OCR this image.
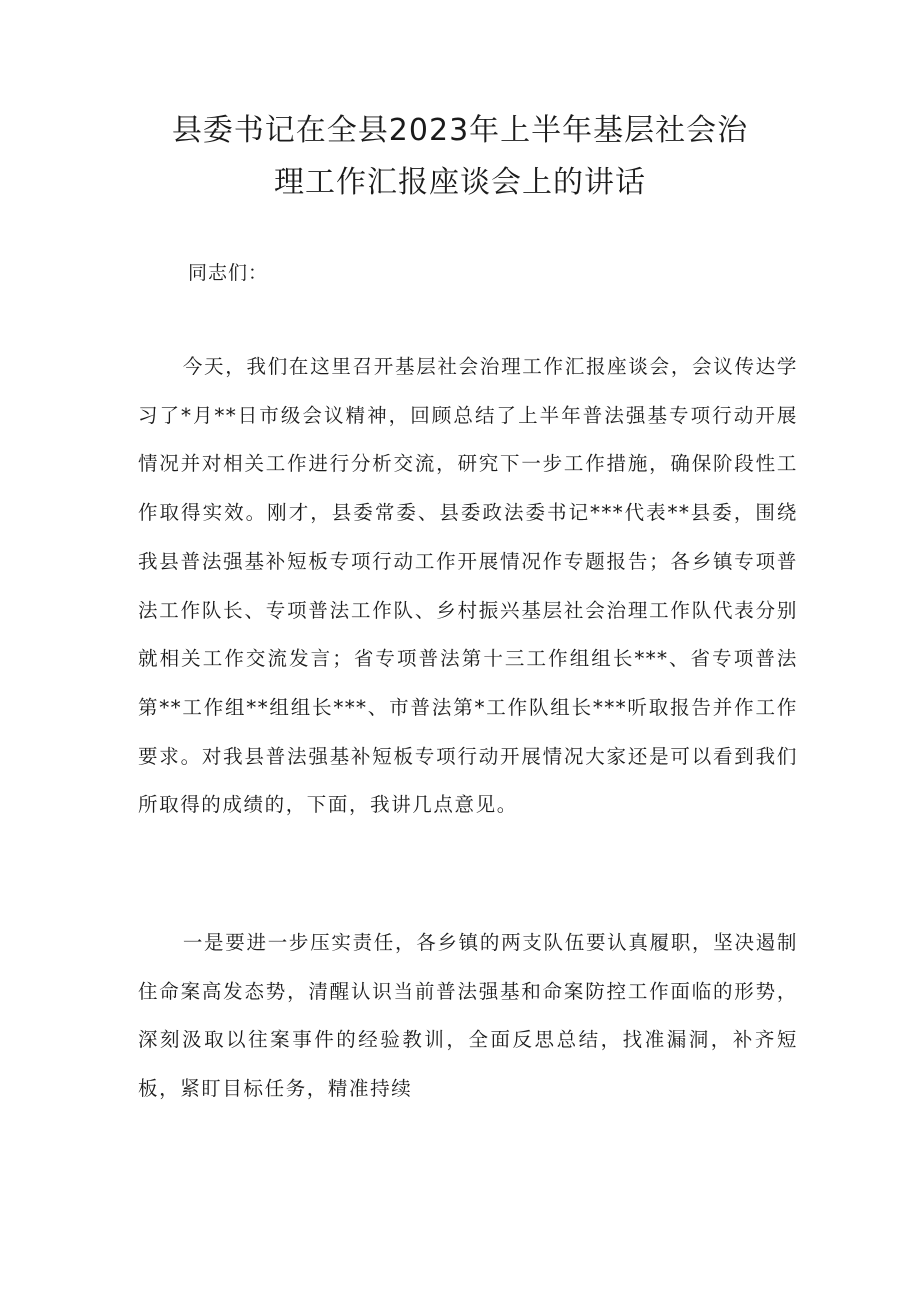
县委书记在全县2023年上半年基层社会治
理工作汇报座谈会上的讲话
同志们：

今天，我们在这里召开基层社会治理工作汇报座谈会，会议传达学习了*月**日市级会议精神，回顾总结了上半年普法强基专项行动开展情况并对相关工作进行分析交流，研究下一步工作措施，确保阶段性工作取得实效。刚才，县委常委、县委政法委书记***代表**县委，围绕我县普法强基补短板专项行动工作开展情况作专题报告；各乡镇专项普法工作队长、专项普法工作队、乡村振兴基层社会治理工作队代表分别就相关工作交流发言；省专项普法第十三工作组组长***、省专项普法第**工作组**组组长***、市普法第*工作队组长***听取报告并作工作要求。对我县普法强基补短板专项行动开展情况大家还是可以看到我们所取得的成绩的，下面，我讲几点意见。

一是要进一步压实责任，各乡镇的两支队伍要认真履职，坚决遏制住命案高发态势，清醒认识当前普法强基和命案防控工作面临的形势，深刻汲取以往案事件的经验教训，全面反思总结，找准漏洞，补齐短板，紧盯目标任务，精准持续
